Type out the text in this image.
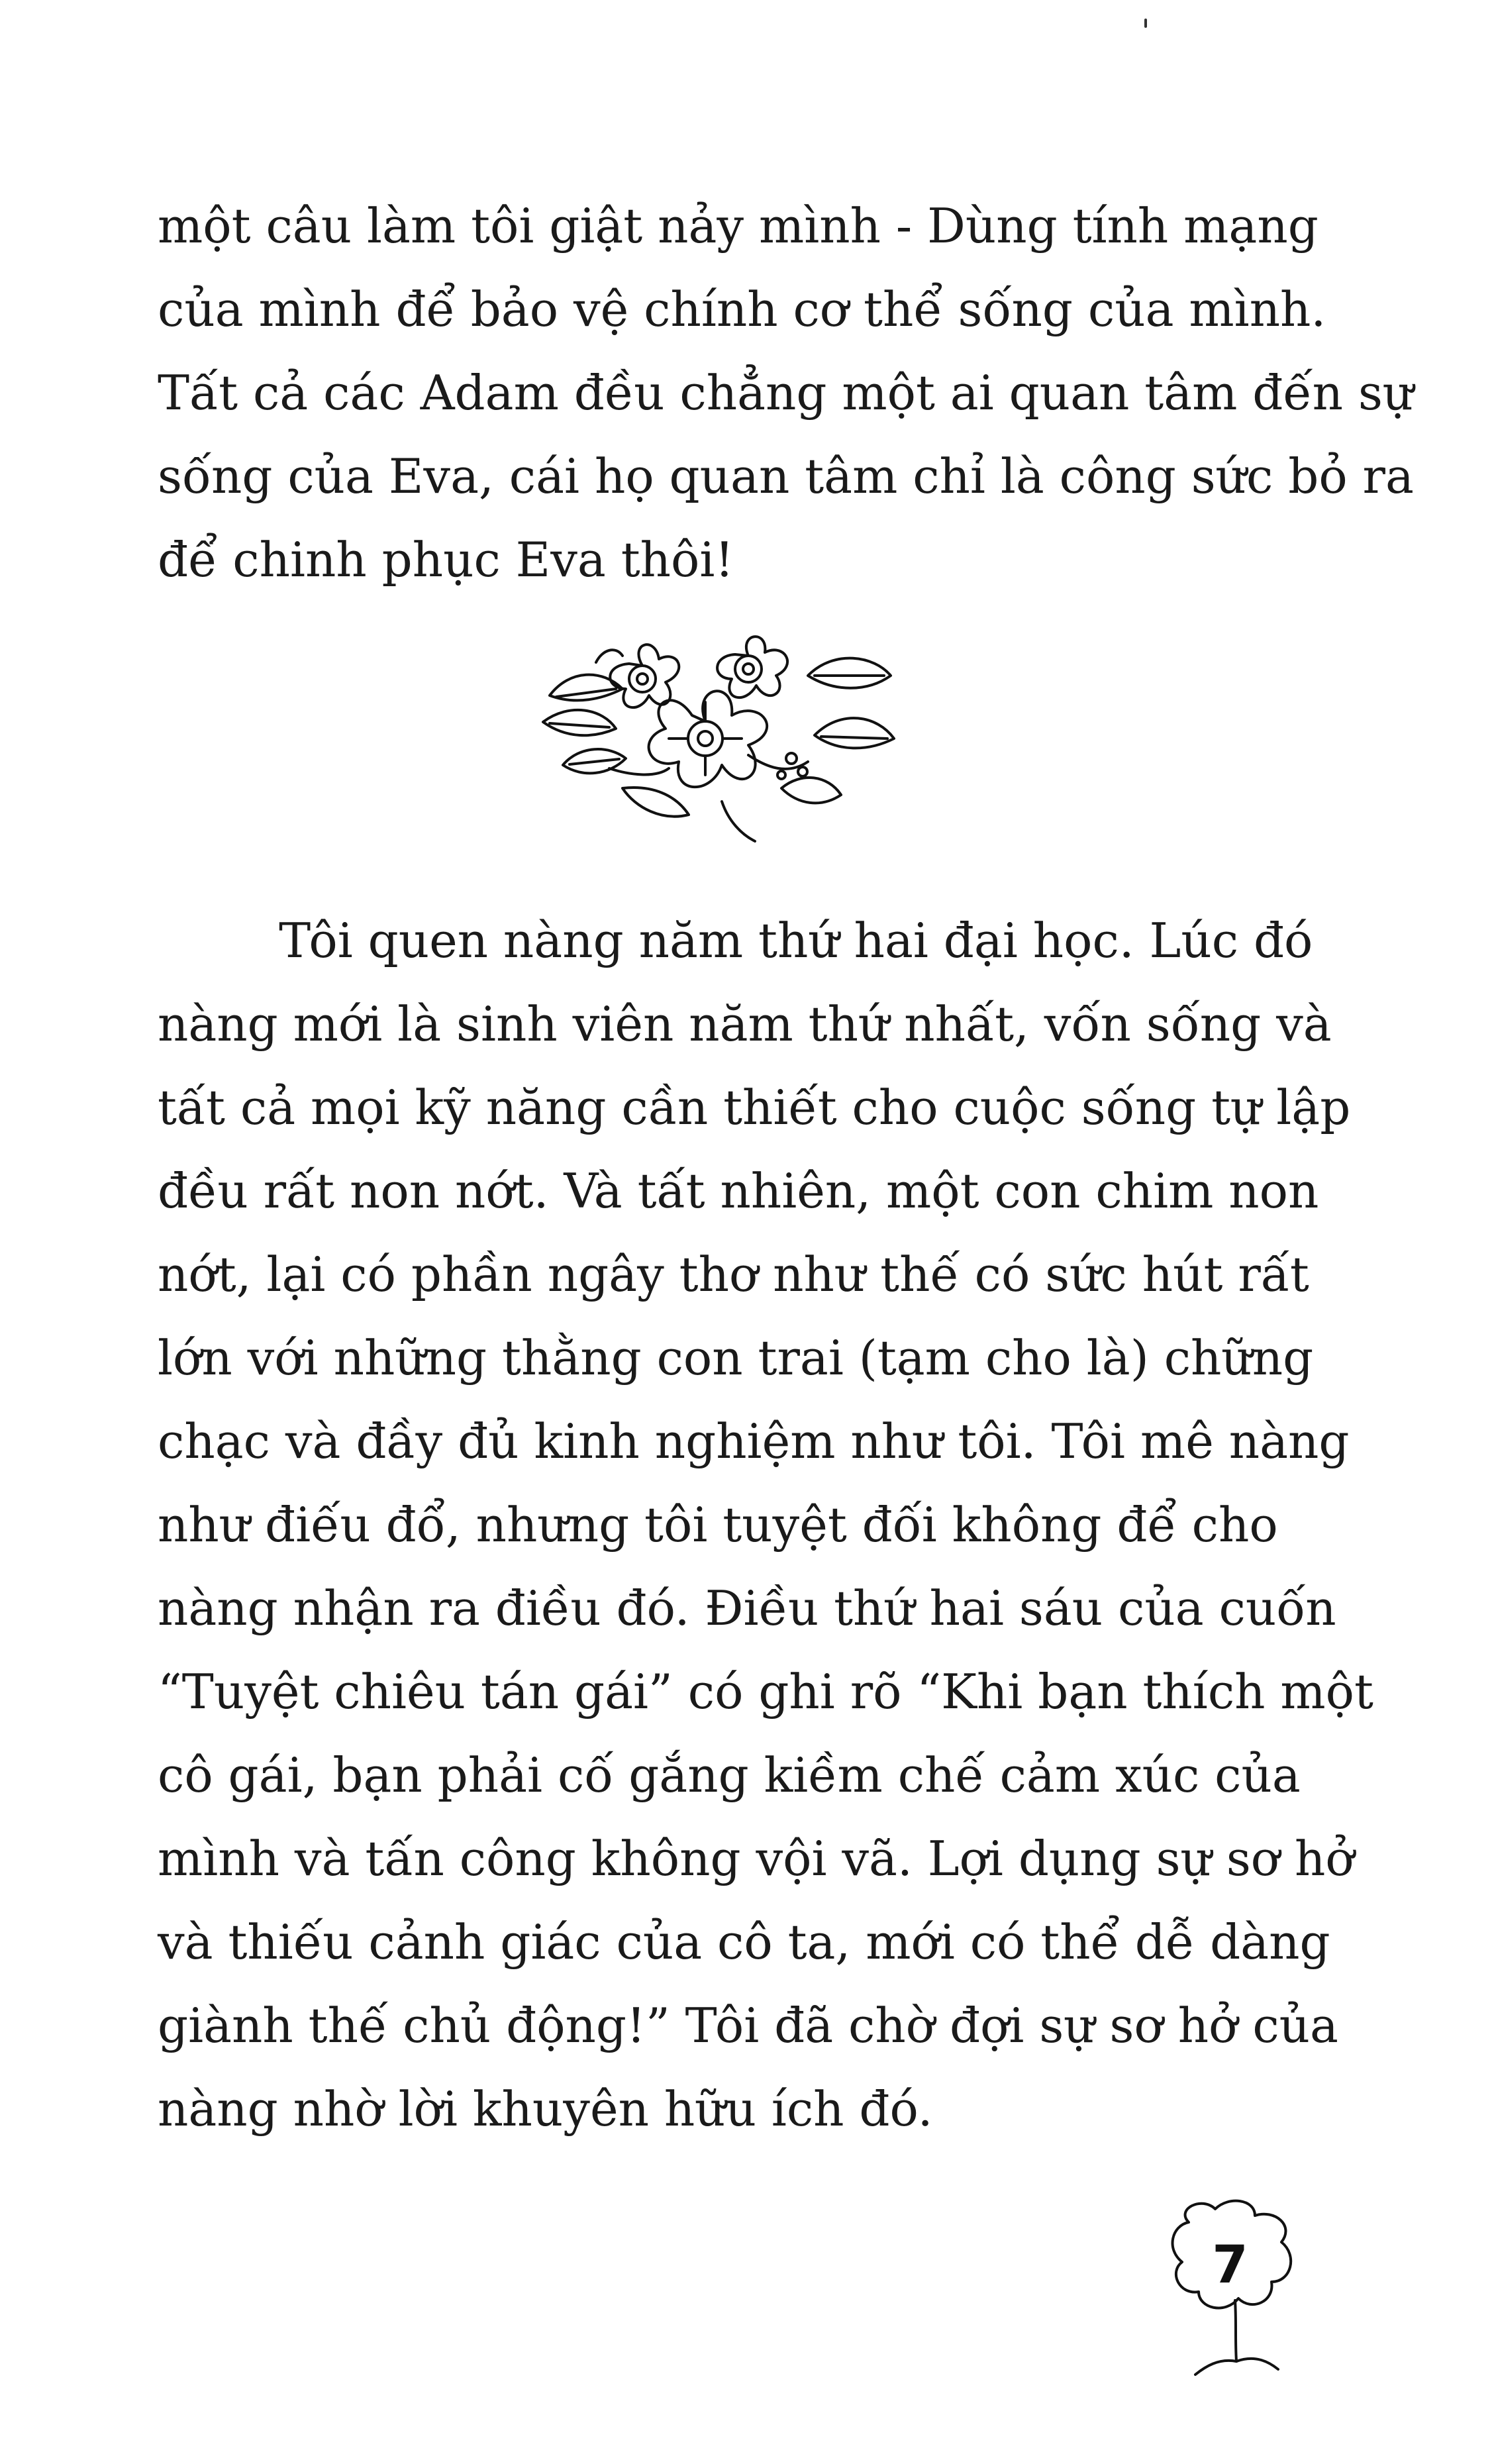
một câu làm tôi giật nảy mình - Dùng tính mạng
của mình để bảo vệ chính cơ thể sống của mình.
Tất cả các Adam đều chẳng một ai quan tâm đến sự
sống của Eva, cái họ quan tâm chỉ là công sức bỏ ra
để chinh phục Eva thôi!
Tôi quen nàng năm thứ hai đại học. Lúc đó
nàng mới là sinh viên năm thứ nhất, vốn sống và
tất cả mọi kỹ năng cần thiết cho cuộc sống tự lập
đều rất non nớt. Và tất nhiên, một con chim non
nớt, lại có phần ngây thơ như thế có sức hút rất
lớn với những thằng con trai (tạm cho là) chững
chạc và đầy đủ kinh nghiệm như tôi. Tôi mê nàng
như điếu đổ, nhưng tôi tuyệt đối không để cho
nàng nhận ra điều đó. Điều thứ hai sáu của cuốn
“Tuyệt chiêu tán gái” có ghi rõ “Khi bạn thích một
cô gái, bạn phải cố gắng kiềm chế cảm xúc của
mình và tấn công không vội vã. Lợi dụng sự sơ hở
và thiếu cảnh giác của cô ta, mới có thể dễ dàng
giành thế chủ động!” Tôi đã chờ đợi sự sơ hở của
nàng nhờ lời khuyên hữu ích đó.
7
